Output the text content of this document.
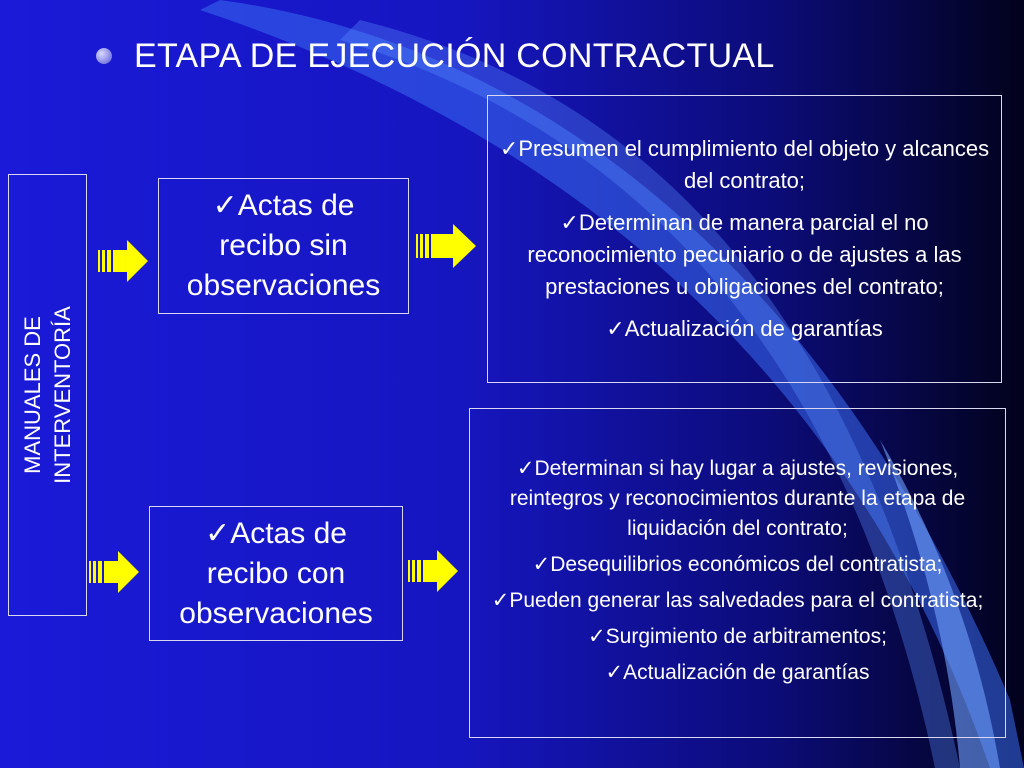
ETAPA DE EJECUCIÓN CONTRACTUAL
MANUALES DE INTERVENTORÍA
✓ Actas de
recibo sin
observaciones
✓ Presumen el cumplimiento del objeto y alcances del contrato;
✓ Determinan de manera parcial el no reconocimiento pecuniario o de ajustes a las prestaciones u obligaciones del contrato;
✓ Actualización de garantías
✓ Actas de
recibo con
observaciones
✓ Determinan si hay lugar a ajustes, revisiones, reintegros y reconocimientos durante la etapa de liquidación del contrato;
✓ Desequilibrios económicos del contratista;
✓ Pueden generar las salvedades para el contratista;
✓ Surgimiento de arbitramentos;
✓ Actualización de garantías
